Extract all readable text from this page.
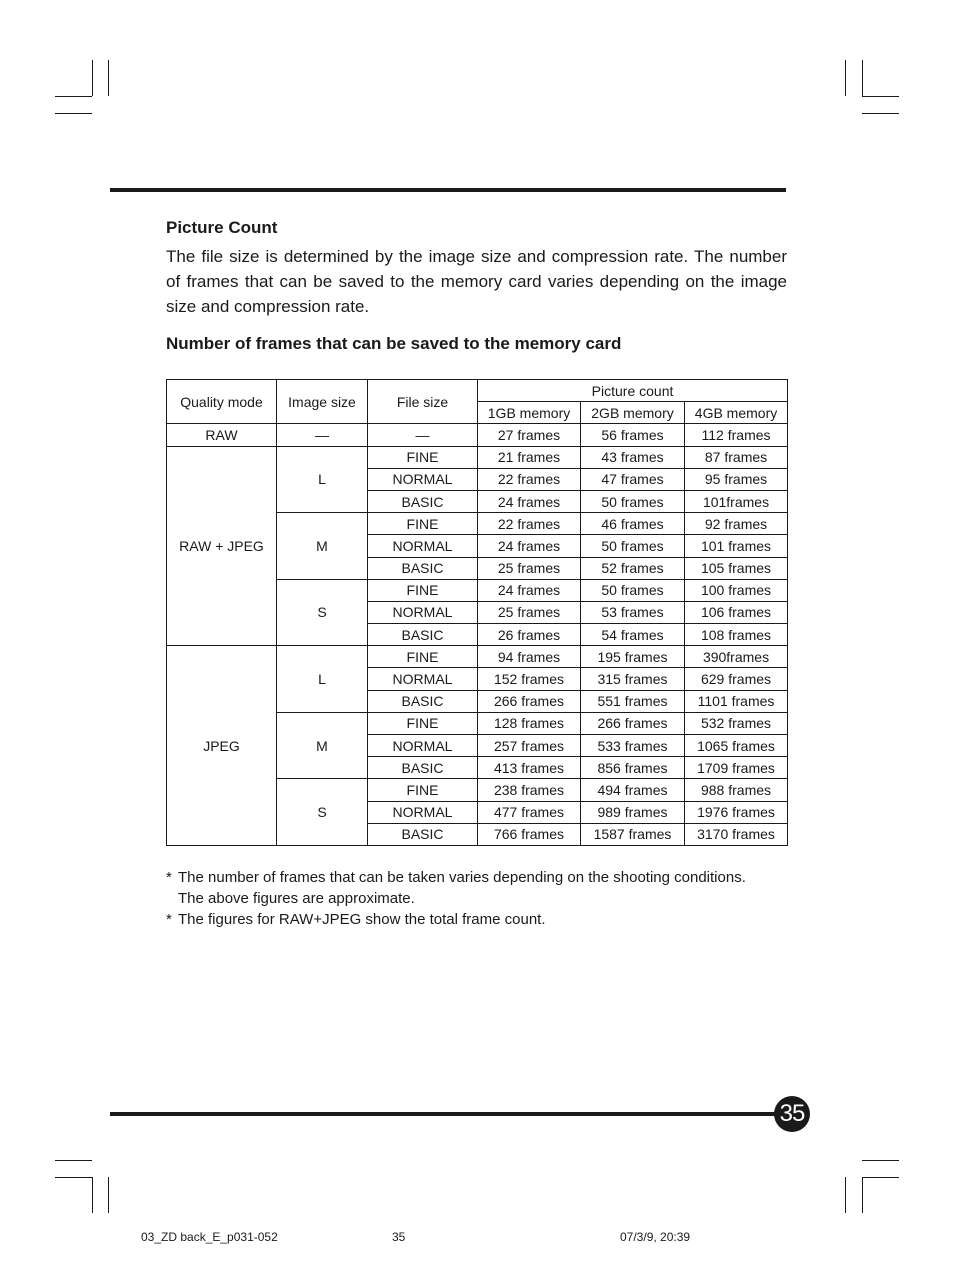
Picture Count

The file size is determined by the image size and compression rate. The number of frames that can be saved to the memory card varies depending on the image size and compression rate.

Number of frames that can be saved to the memory card
Quality mode	Image size	File size	Picture count		
			1GB memory	2GB memory	4GB memory
RAW	—	—	27 frames	56 frames	112 frames
RAW + JPEG	L	FINE	21 frames	43 frames	87 frames
		NORMAL	22 frames	47 frames	95 frames
		BASIC	24 frames	50 frames	101frames
	M	FINE	22 frames	46 frames	92 frames
		NORMAL	24 frames	50 frames	101 frames
		BASIC	25 frames	52 frames	105 frames
	S	FINE	24 frames	50 frames	100 frames
		NORMAL	25 frames	53 frames	106 frames
		BASIC	26 frames	54 frames	108 frames
JPEG	L	FINE	94 frames	195 frames	390frames
		NORMAL	152 frames	315 frames	629 frames
		BASIC	266 frames	551 frames	1101 frames
	M	FINE	128 frames	266 frames	532 frames
		NORMAL	257 frames	533 frames	1065 frames
		BASIC	413 frames	856 frames	1709 frames
	S	FINE	238 frames	494 frames	988 frames
		NORMAL	477 frames	989 frames	1976 frames
		BASIC	766 frames	1587 frames	3170 frames
* The number of frames that can be taken varies depending on the shooting conditions.
The above figures are approximate.
* The figures for RAW+JPEG show the total frame count.
35
03_ZD back_E_p031-052	35	07/3/9, 20:39
